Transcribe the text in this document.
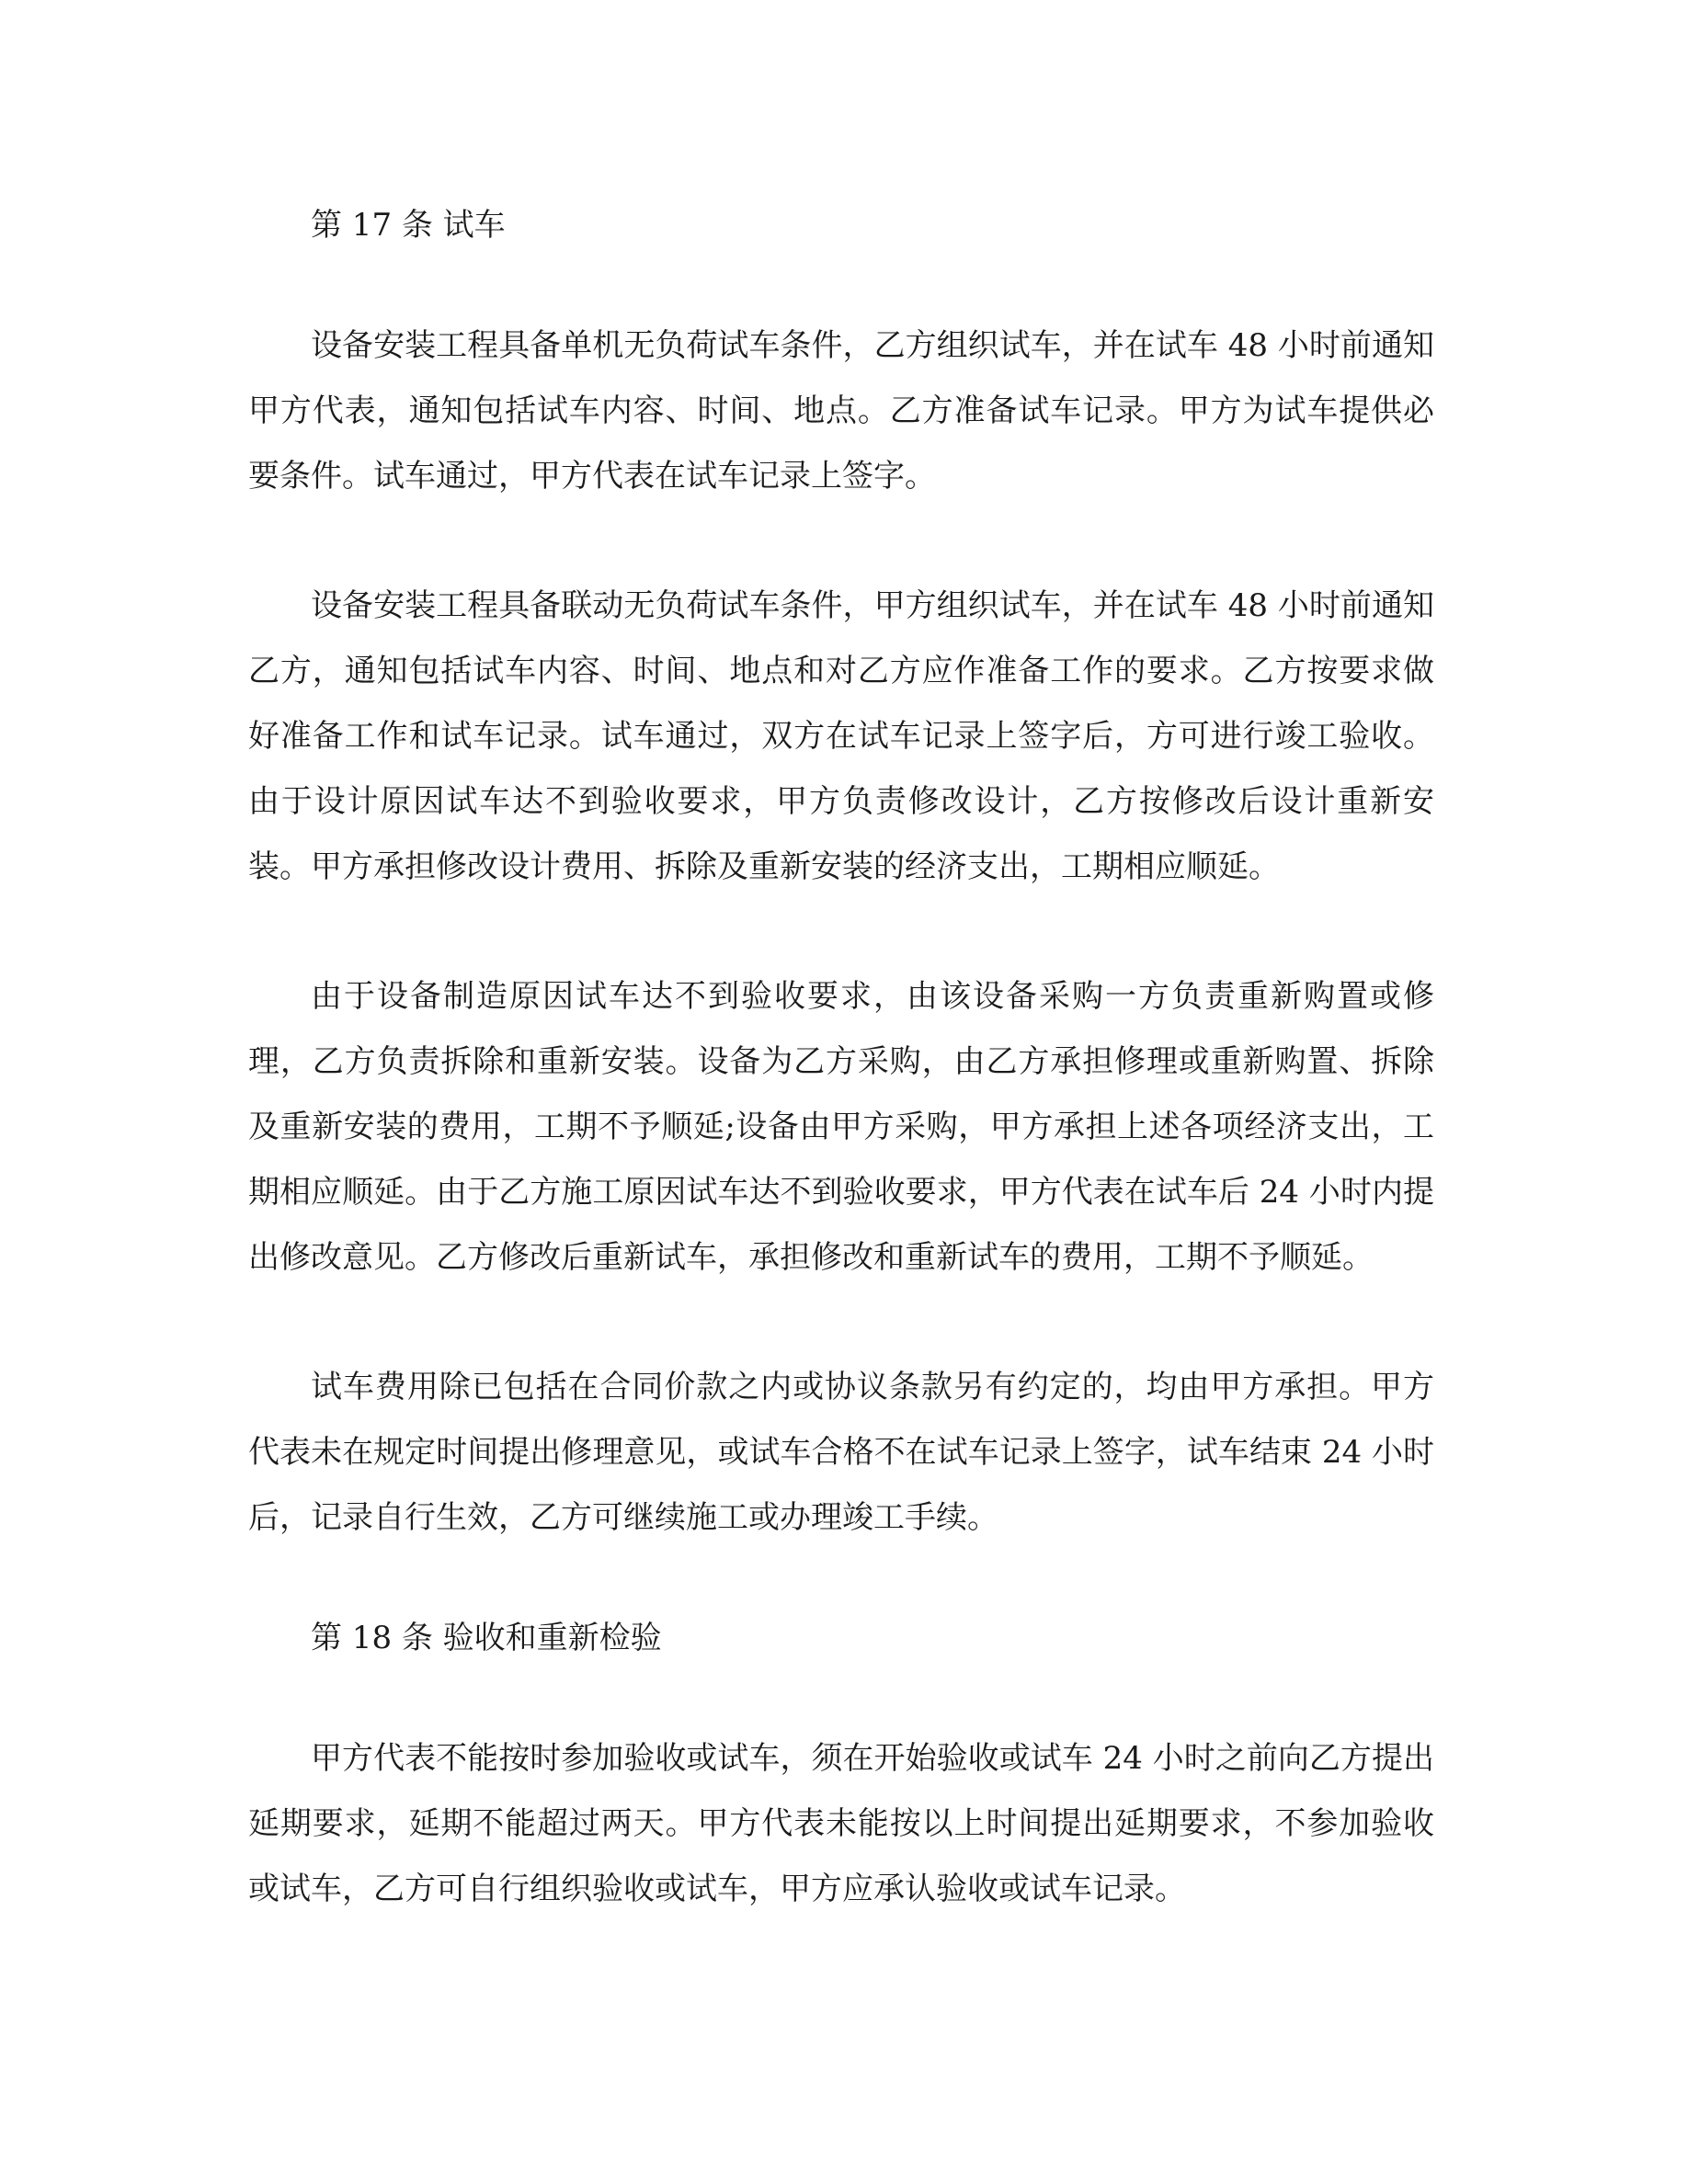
第 17 条 试车

设备安装工程具备单机无负荷试车条件，乙方组织试车，并在试车 48 小时前通知甲方代表，通知包括试车内容、时间、地点。乙方准备试车记录。甲方为试车提供必要条件。试车通过，甲方代表在试车记录上签字。

设备安装工程具备联动无负荷试车条件，甲方组织试车，并在试车 48 小时前通知乙方，通知包括试车内容、时间、地点和对乙方应作准备工作的要求。乙方按要求做好准备工作和试车记录。试车通过，双方在试车记录上签字后，方可进行竣工验收。由于设计原因试车达不到验收要求，甲方负责修改设计，乙方按修改后设计重新安装。甲方承担修改设计费用、拆除及重新安装的经济支出，工期相应顺延。

由于设备制造原因试车达不到验收要求，由该设备采购一方负责重新购置或修理，乙方负责拆除和重新安装。设备为乙方采购，由乙方承担修理或重新购置、拆除及重新安装的费用，工期不予顺延;设备由甲方采购，甲方承担上述各项经济支出，工期相应顺延。由于乙方施工原因试车达不到验收要求，甲方代表在试车后 24 小时内提出修改意见。乙方修改后重新试车，承担修改和重新试车的费用，工期不予顺延。

试车费用除已包括在合同价款之内或协议条款另有约定的，均由甲方承担。甲方代表未在规定时间提出修理意见，或试车合格不在试车记录上签字，试车结束 24 小时后，记录自行生效，乙方可继续施工或办理竣工手续。

第 18 条 验收和重新检验

甲方代表不能按时参加验收或试车，须在开始验收或试车 24 小时之前向乙方提出延期要求，延期不能超过两天。甲方代表未能按以上时间提出延期要求，不参加验收或试车，乙方可自行组织验收或试车，甲方应承认验收或试车记录。
